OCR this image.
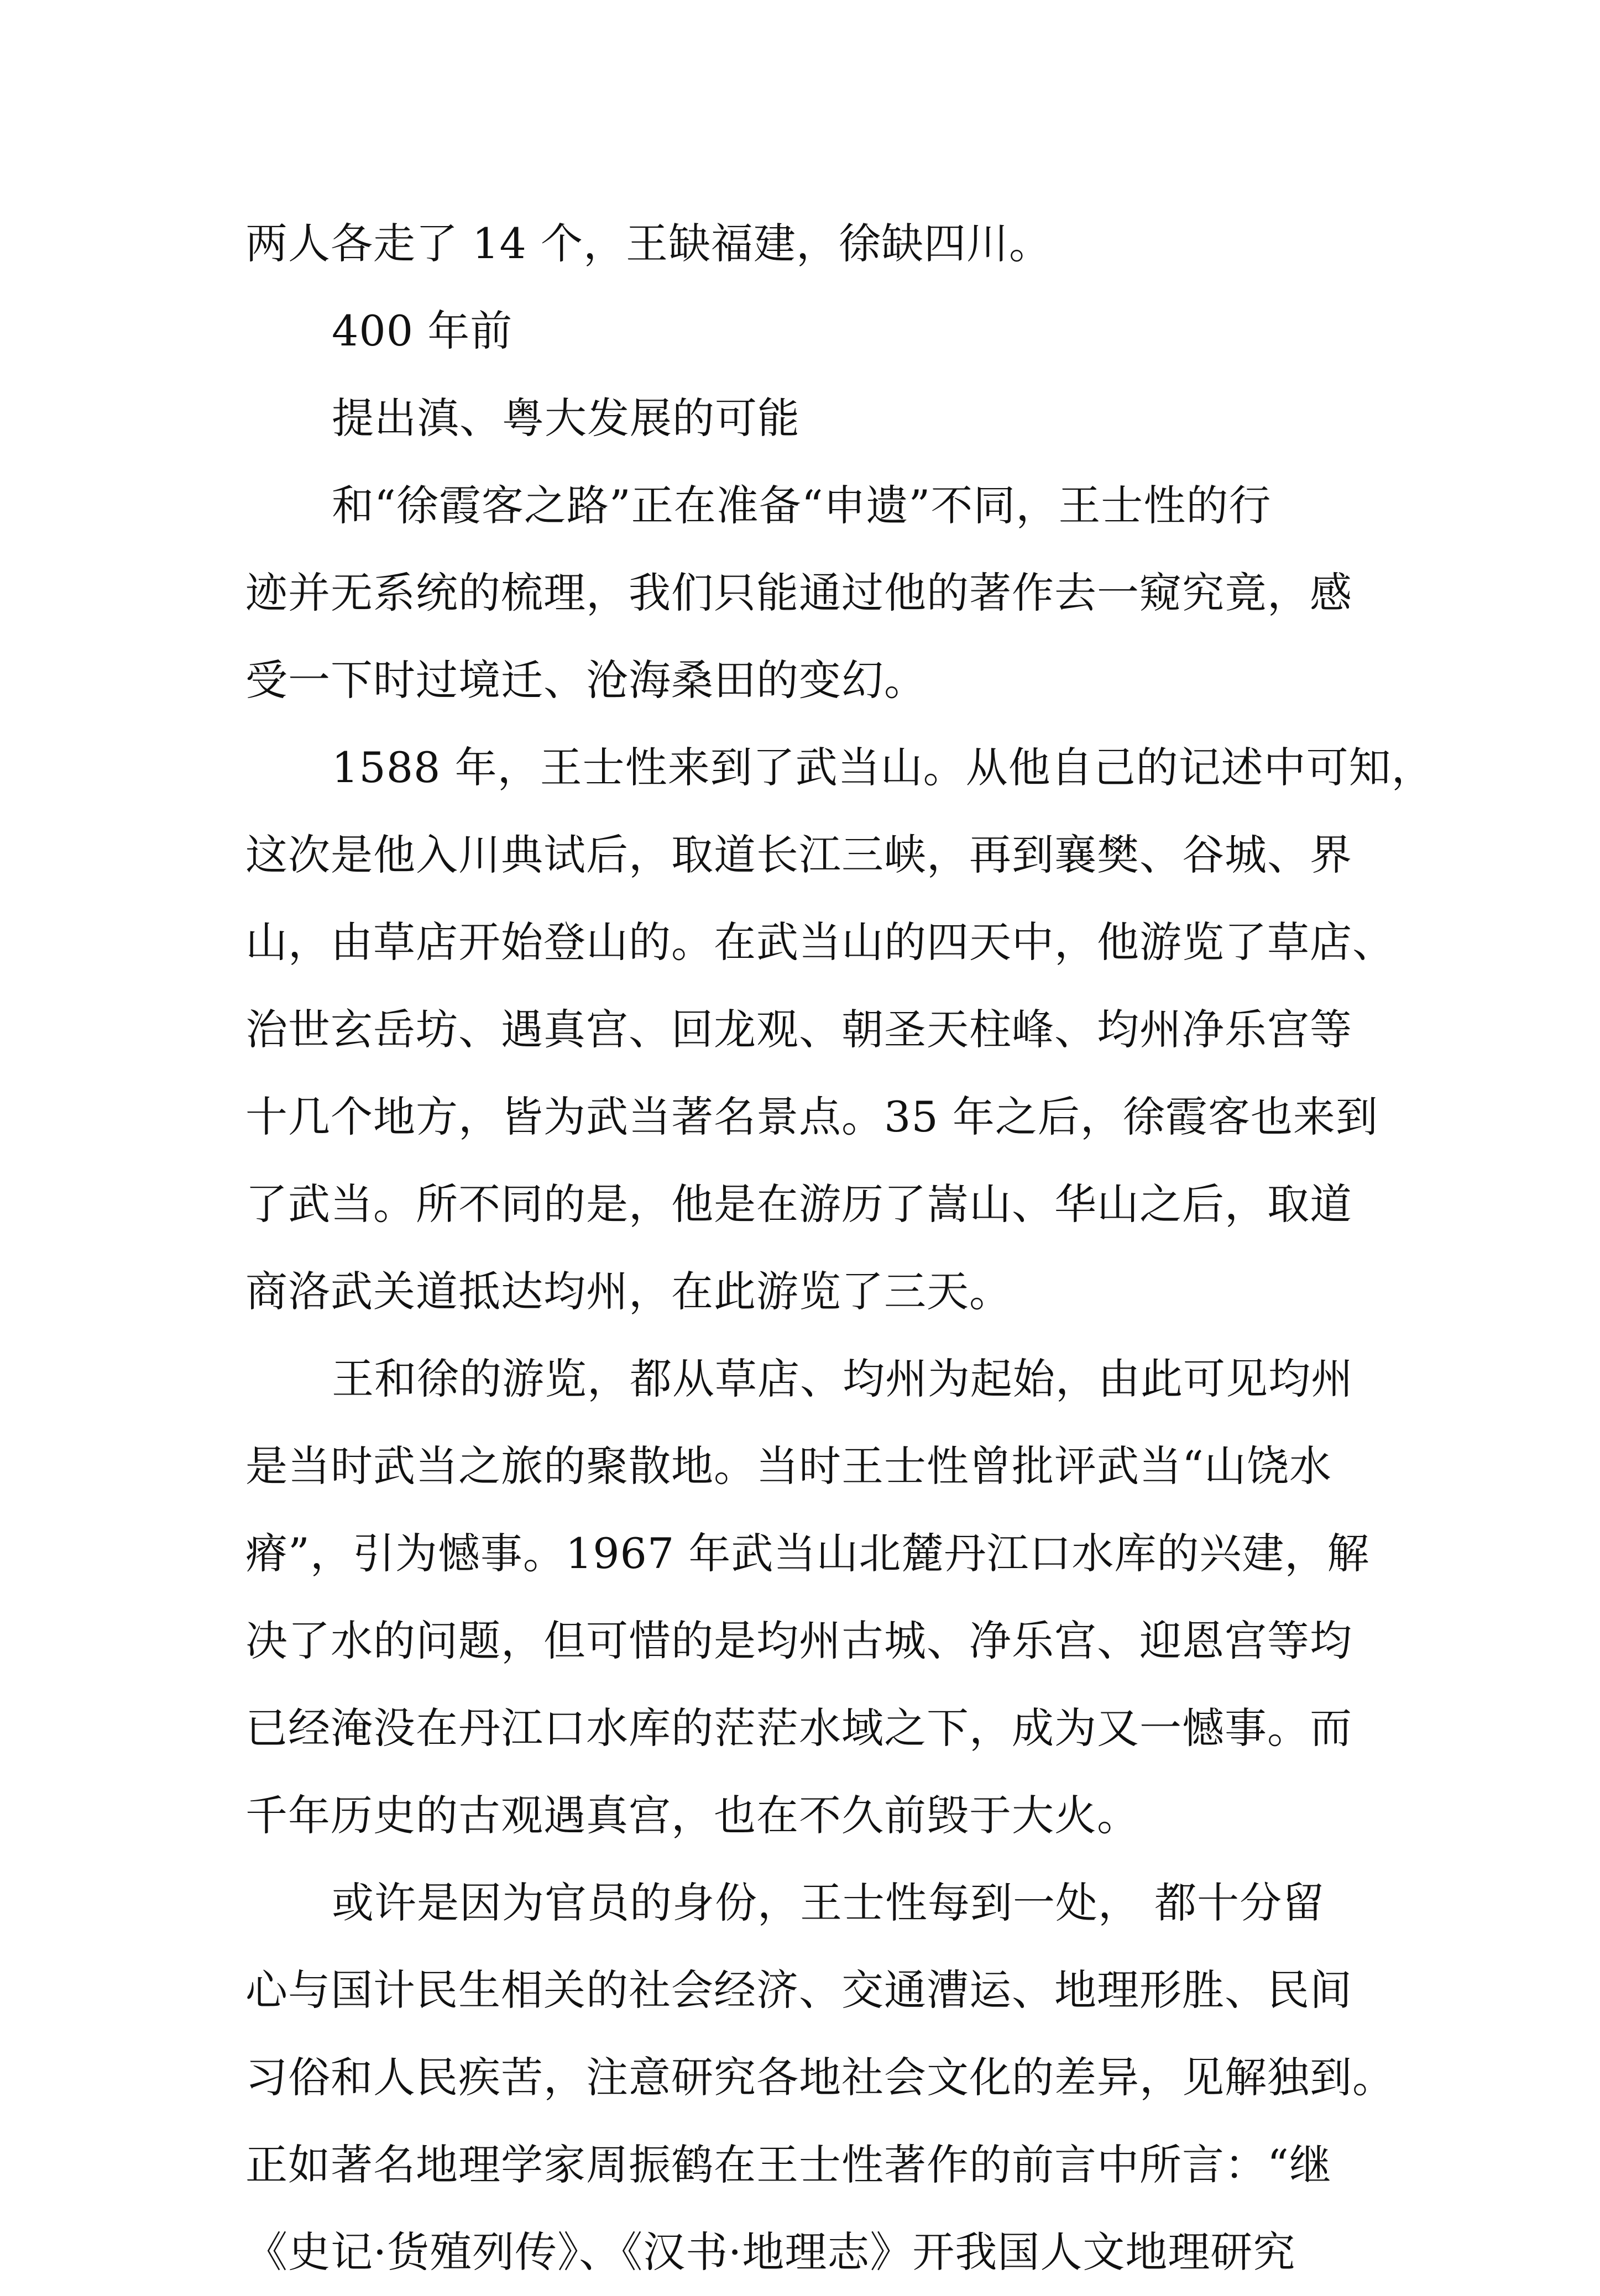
两人各走了 14 个，王缺福建，徐缺四川。
400 年前
提出滇、粤大发展的可能
和“徐霞客之路”正在准备“申遗”不同，王士性的行
迹并无系统的梳理，我们只能通过他的著作去一窥究竟，感
受一下时过境迁、沧海桑田的变幻。
1588 年，王士性来到了武当山。从他自己的记述中可知，
这次是他入川典试后，取道长江三峡，再到襄樊、谷城、界
山，由草店开始登山的。在武当山的四天中，他游览了草店、
治世玄岳坊、遇真宫、回龙观、朝圣天柱峰、均州净乐宫等
十几个地方，皆为武当著名景点。35 年之后，徐霞客也来到
了武当。所不同的是，他是在游历了嵩山、华山之后，取道
商洛武关道抵达均州，在此游览了三天。
王和徐的游览，都从草店、均州为起始，由此可见均州
是当时武当之旅的聚散地。当时王士性曾批评武当“山饶水
瘠”，引为憾事。1967 年武当山北麓丹江口水库的兴建，解
决了水的问题，但可惜的是均州古城、净乐宫、迎恩宫等均
已经淹没在丹江口水库的茫茫水域之下，成为又一憾事。而
千年历史的古观遇真宫，也在不久前毁于大火。
或许是因为官员的身份，王士性每到一处， 都十分留
心与国计民生相关的社会经济、交通漕运、地理形胜、民间
习俗和人民疾苦，注意研究各地社会文化的差异，见解独到。
正如著名地理学家周振鹤在王士性著作的前言中所言：“继
《史记·货殖列传》、《汉书·地理志》开我国人文地理研究
